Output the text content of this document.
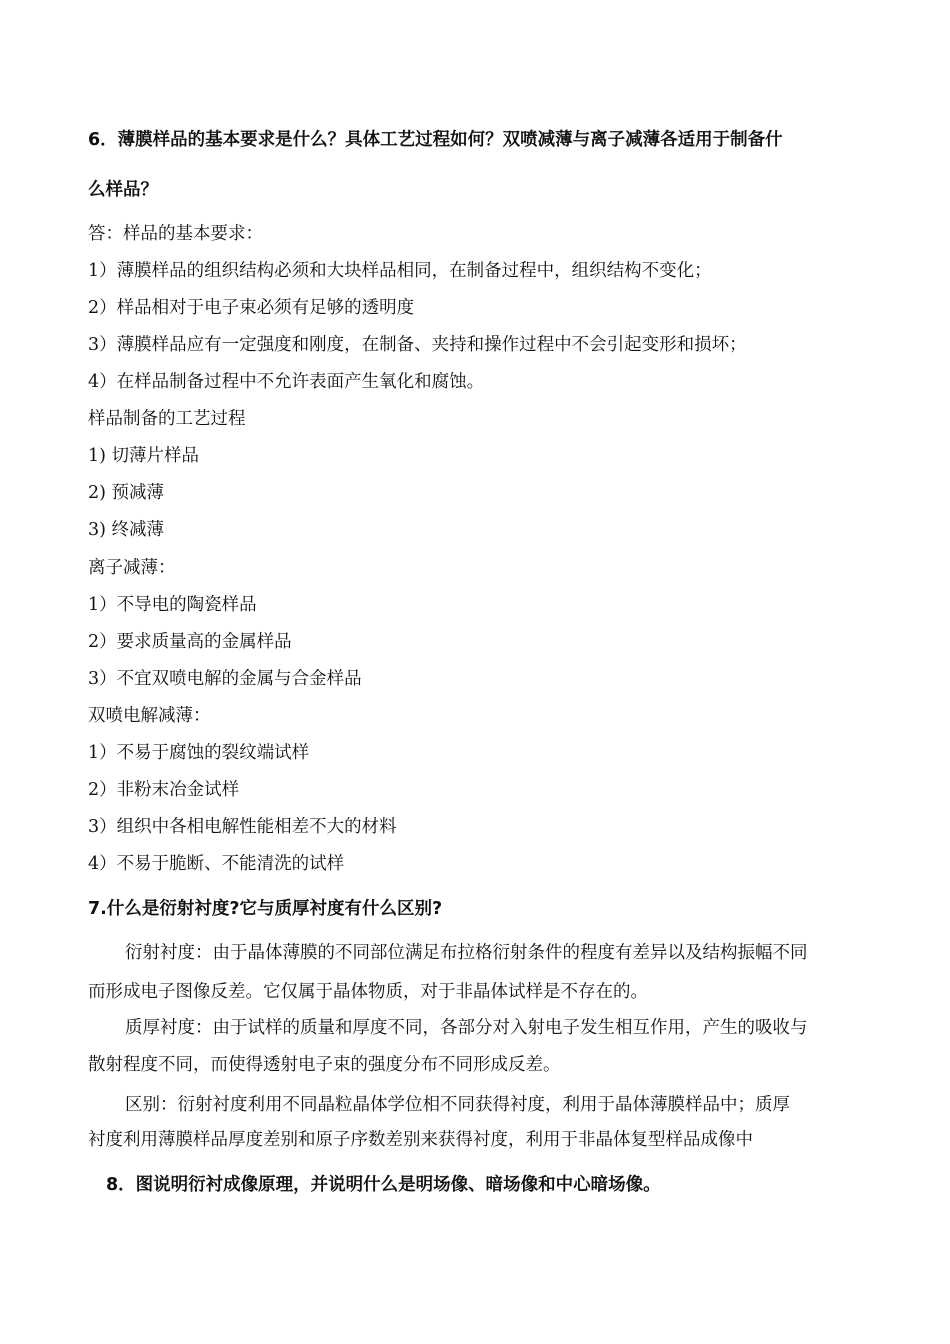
6．薄膜样品的基本要求是什么？具体工艺过程如何？双喷减薄与离子减薄各适用于制备什
么样品？
答：样品的基本要求：
1）薄膜样品的组织结构必须和大块样品相同，在制备过程中，组织结构不变化；
2）样品相对于电子束必须有足够的透明度
3）薄膜样品应有一定强度和刚度，在制备、夹持和操作过程中不会引起变形和损坏；
4）在样品制备过程中不允许表面产生氧化和腐蚀。
样品制备的工艺过程
1) 切薄片样品
2) 预减薄
3) 终减薄
离子减薄：
1）不导电的陶瓷样品
2）要求质量高的金属样品
3）不宜双喷电解的金属与合金样品
双喷电解减薄：
1）不易于腐蚀的裂纹端试样
2）非粉末冶金试样
3）组织中各相电解性能相差不大的材料
4）不易于脆断、不能清洗的试样
7.什么是衍射衬度?它与质厚衬度有什么区别?
衍射衬度：由于晶体薄膜的不同部位满足布拉格衍射条件的程度有差异以及结构振幅不同
而形成电子图像反差。它仅属于晶体物质，对于非晶体试样是不存在的。
质厚衬度：由于试样的质量和厚度不同，各部分对入射电子发生相互作用，产生的吸收与
散射程度不同，而使得透射电子束的强度分布不同形成反差。
区别：衍射衬度利用不同晶粒晶体学位相不同获得衬度，利用于晶体薄膜样品中；质厚
衬度利用薄膜样品厚度差别和原子序数差别来获得衬度，利用于非晶体复型样品成像中
8．图说明衍衬成像原理，并说明什么是明场像、暗场像和中心暗场像。
